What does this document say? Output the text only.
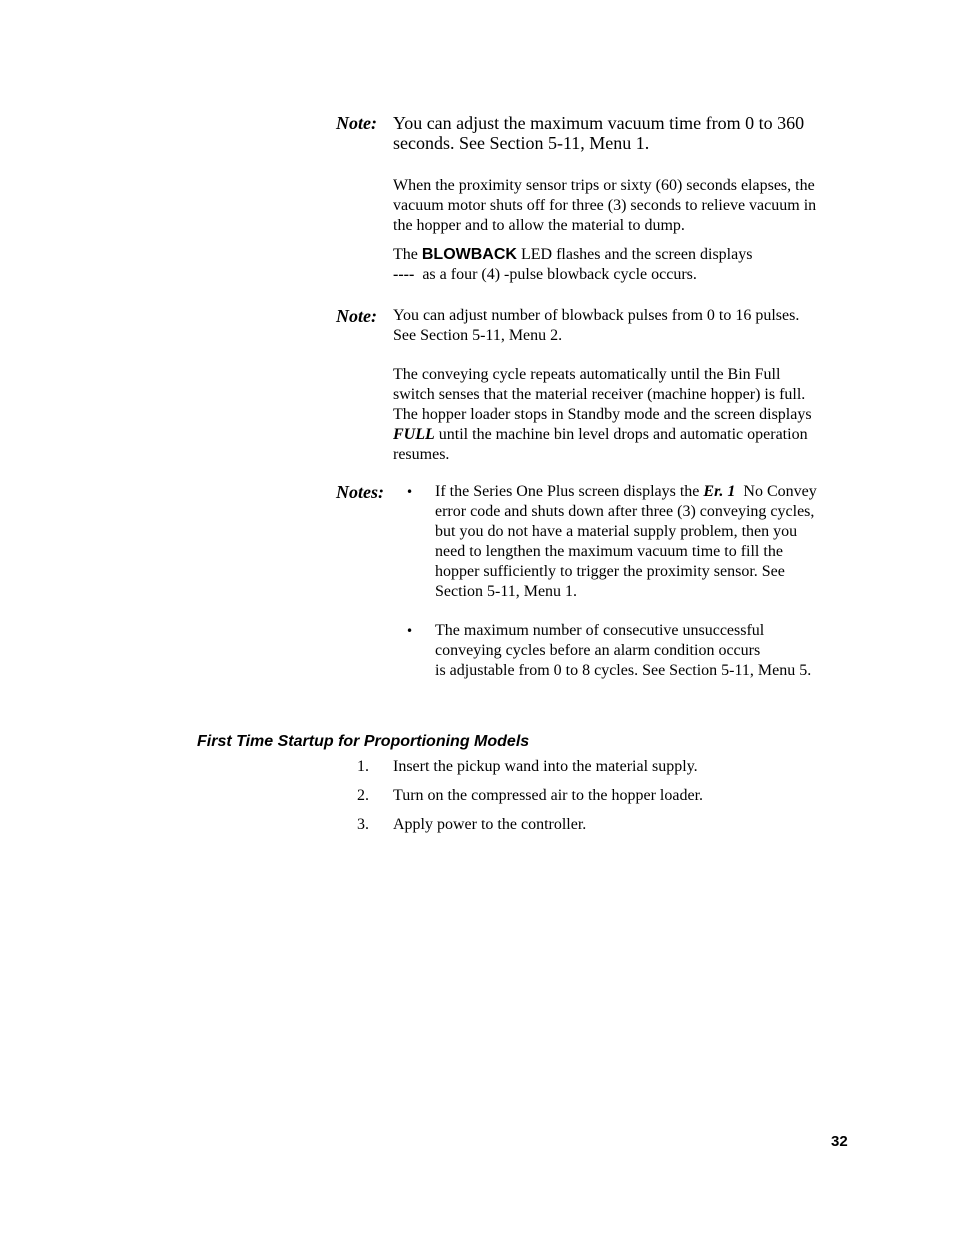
Note: You can adjust the maximum vacuum time from 0 to 360
seconds. See Section 5-11, Menu 1.
When the proximity sensor trips or sixty (60) seconds elapses, the
vacuum motor shuts off for three (3) seconds to relieve vacuum in
the hopper and to allow the material to dump.
The BLOWBACK LED flashes and the screen displays
----  as a four (4) -pulse blowback cycle occurs.
Note: You can adjust number of blowback pulses from 0 to 16 pulses.
See Section 5-11, Menu 2.
The conveying cycle repeats automatically until the Bin Full
switch senses that the material receiver (machine hopper) is full.
The hopper loader stops in Standby mode and the screen displays
FULL until the machine bin level drops and automatic operation
resumes.
Notes: • If the Series One Plus screen displays the Er. 1  No Convey
error code and shuts down after three (3) conveying cycles,
but you do not have a material supply problem, then you
need to lengthen the maximum vacuum time to fill the
hopper sufficiently to trigger the proximity sensor. See
Section 5-11, Menu 1.
• The maximum number of consecutive unsuccessful
conveying cycles before an alarm condition occurs
is adjustable from 0 to 8 cycles. See Section 5-11, Menu 5.
First Time Startup for Proportioning Models
1. Insert the pickup wand into the material supply.
2. Turn on the compressed air to the hopper loader.
3. Apply power to the controller.
32
